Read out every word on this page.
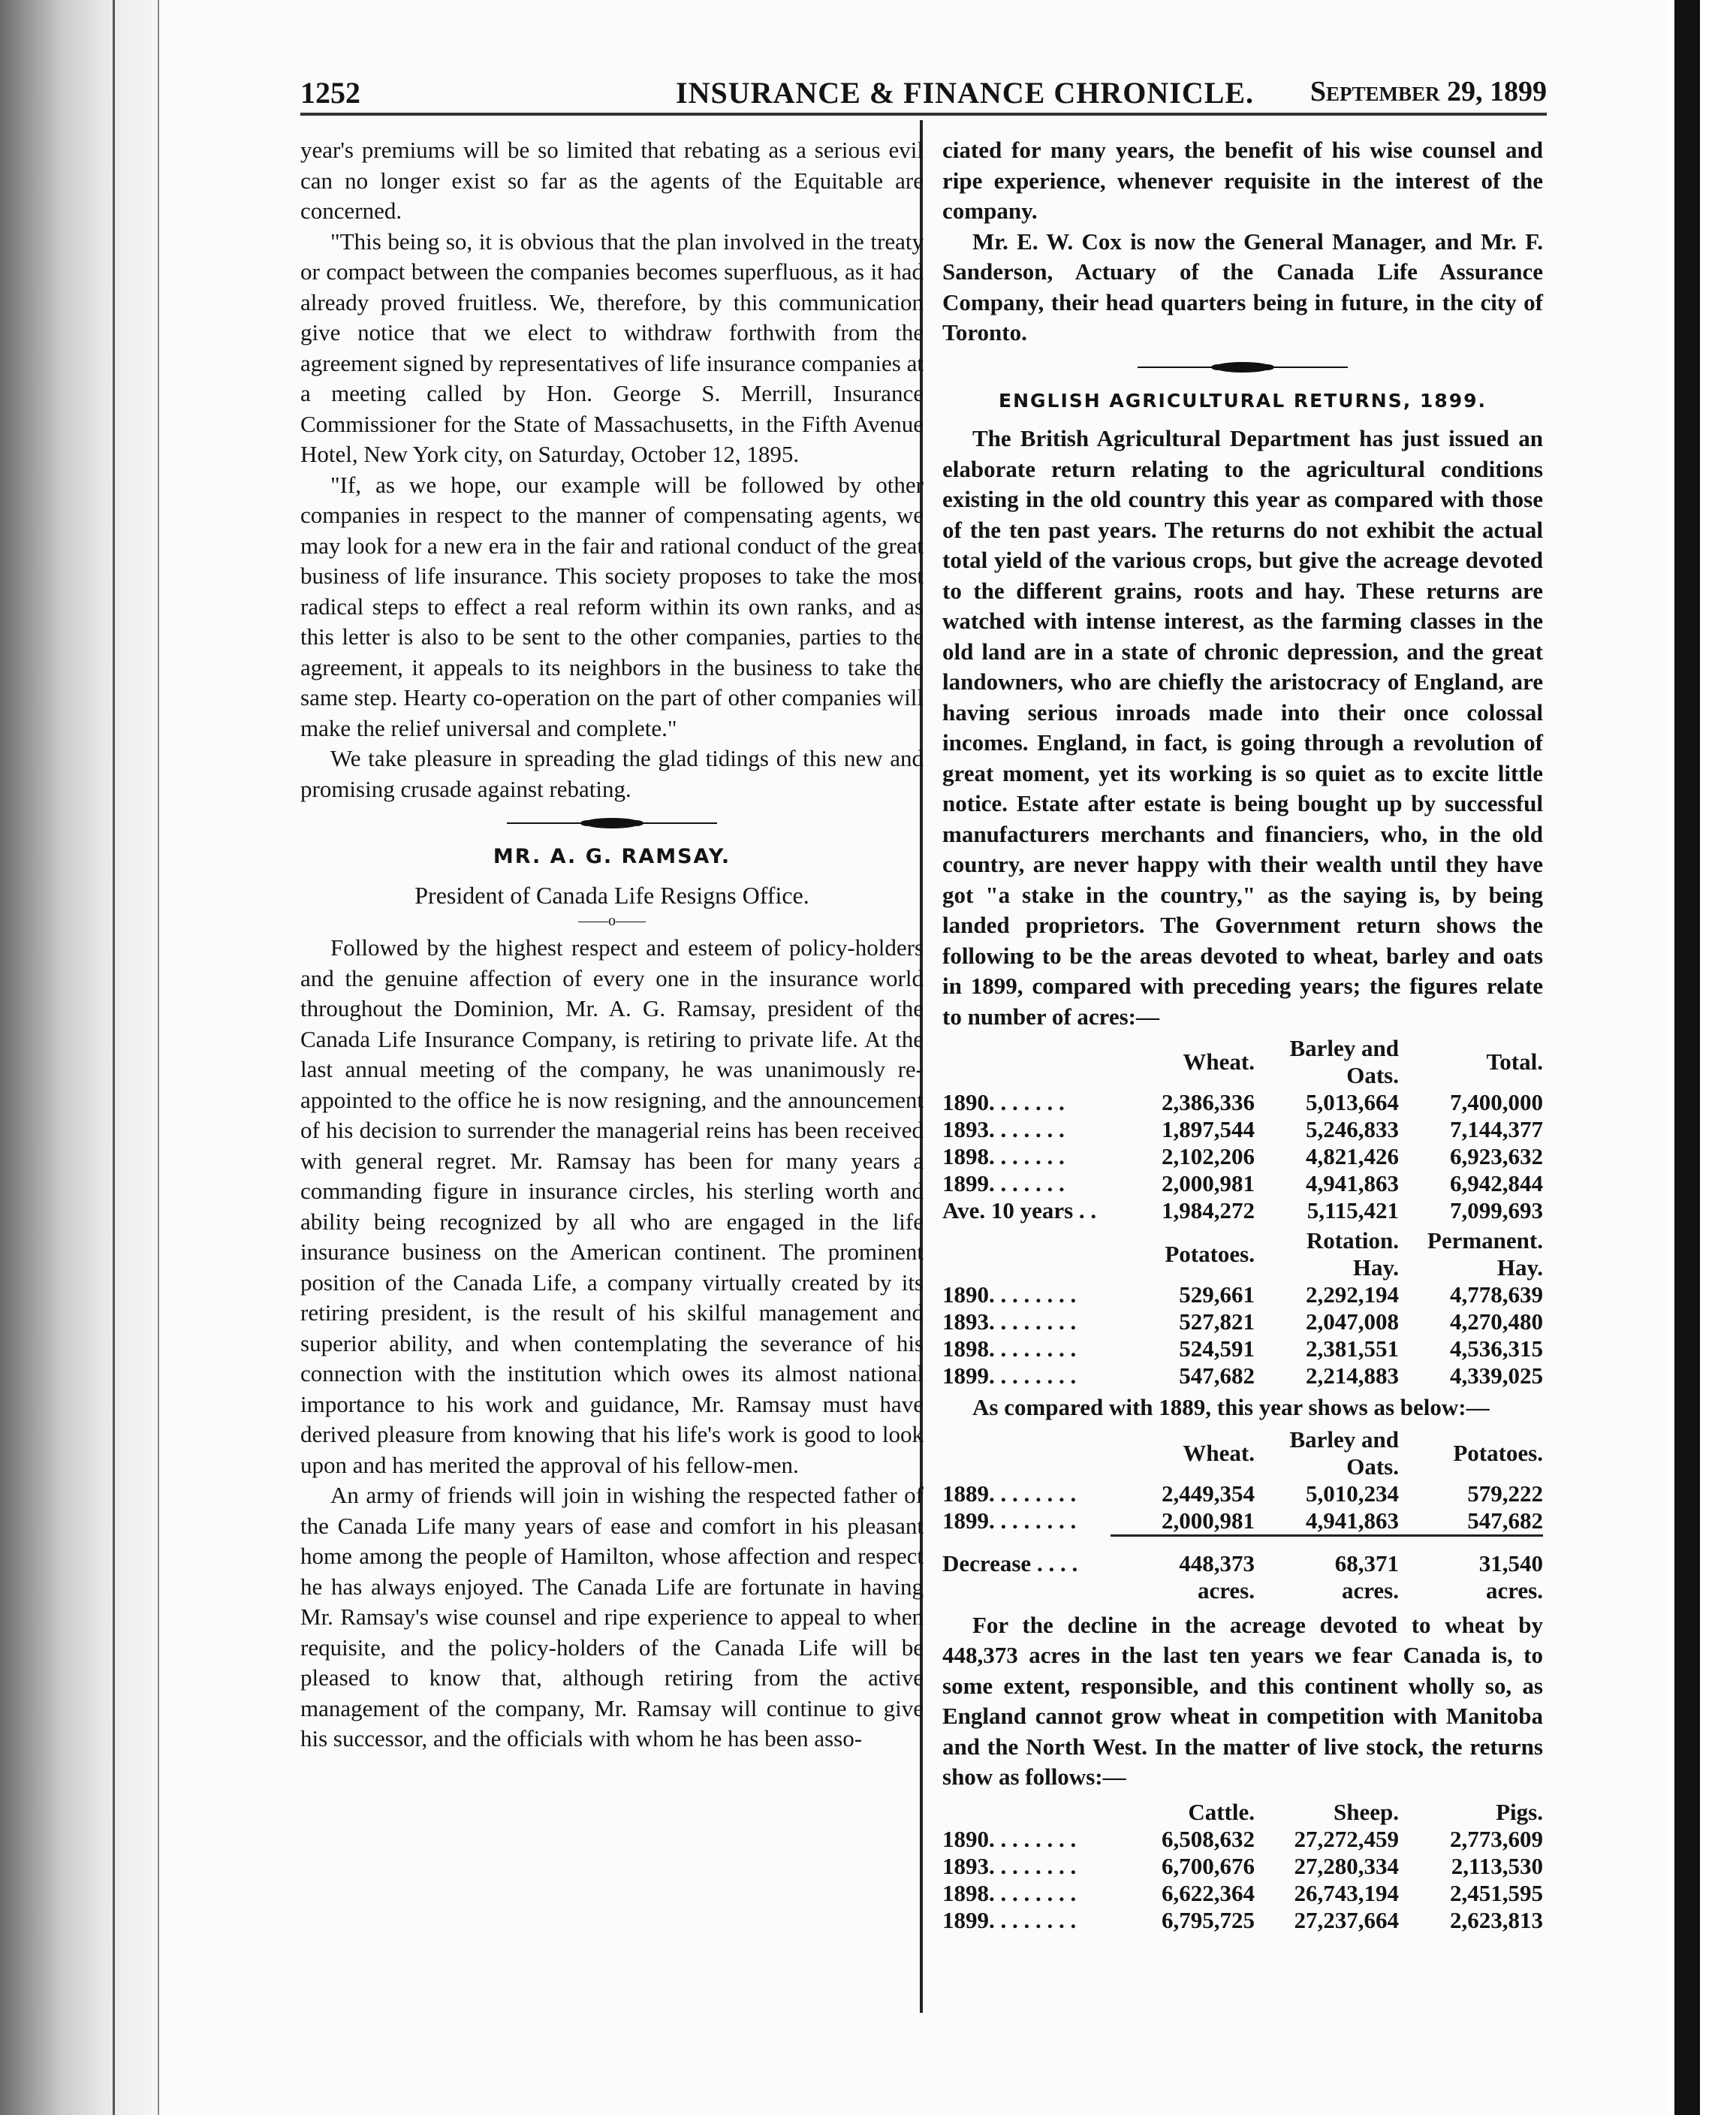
1252	INSURANCE & FINANCE CHRONICLE. September 29, 1899

year's premiums will be so limited that rebating as a serious evil can no longer exist so far as the agents of the Equitable are concerned.

"This being so, it is obvious that the plan involved in the treaty or compact between the companies becomes superfluous, as it had already proved fruitless. We, therefore, by this communication give notice that we elect to withdraw forthwith from the agreement signed by representatives of life insurance companies at a meeting called by Hon. George S. Merrill, Insurance Commissioner for the State of Massachusetts, in the Fifth Avenue Hotel, New York city, on Saturday, October 12, 1895.

"If, as we hope, our example will be followed by other companies in respect to the manner of compensating agents, we may look for a new era in the fair and rational conduct of the great business of life insurance. This society proposes to take the most radical steps to effect a real reform within its own ranks, and as this letter is also to be sent to the other companies, parties to the agreement, it appeals to its neighbors in the business to take the same step. Hearty co-operation on the part of other companies will make the relief universal and complete."

We take pleasure in spreading the glad tidings of this new and promising crusade against rebating.

MR. A. G. RAMSAY.
President of Canada Life Resigns Office.
——o——

Followed by the highest respect and esteem of policy-holders and the genuine affection of every one in the insurance world throughout the Dominion, Mr. A. G. Ramsay, president of the Canada Life Insurance Company, is retiring to private life. At the last annual meeting of the company, he was unanimously re-appointed to the office he is now resigning, and the announcement of his decision to surrender the managerial reins has been received with general regret. Mr. Ramsay has been for many years a commanding figure in insurance circles, his sterling worth and ability being recognized by all who are engaged in the life insurance business on the American continent. The prominent position of the Canada Life, a company virtually created by its retiring president, is the result of his skilful management and superior ability, and when contemplating the severance of his connection with the institution which owes its almost national importance to his work and guidance, Mr. Ramsay must have derived pleasure from knowing that his life's work is good to look upon and has merited the approval of his fellow-men.

An army of friends will join in wishing the respected father of the Canada Life many years of ease and comfort in his pleasant home among the people of Hamilton, whose affection and respect he has always enjoyed. The Canada Life are fortunate in having Mr. Ramsay's wise counsel and ripe experience to appeal to when requisite, and the policy-holders of the Canada Life will be pleased to know that, although retiring from the active management of the company, Mr. Ramsay will continue to give his successor, and the officials with whom he has been asso-

ciated for many years, the benefit of his wise counsel and ripe experience, whenever requisite in the interest of the company.

Mr. E. W. Cox is now the General Manager, and Mr. F. Sanderson, Actuary of the Canada Life Assurance Company, their head quarters being in future, in the city of Toronto.

ENGLISH AGRICULTURAL RETURNS, 1899.

The British Agricultural Department has just issued an elaborate return relating to the agricultural conditions existing in the old country this year as compared with those of the ten past years. The returns do not exhibit the actual total yield of the various crops, but give the acreage devoted to the different grains, roots and hay. These returns are watched with intense interest, as the farming classes in the old land are in a state of chronic depression, and the great landowners, who are chiefly the aristocracy of England, are having serious inroads made into their once colossal incomes. England, in fact, is going through a revolution of great moment, yet its working is so quiet as to excite little notice. Estate after estate is being bought up by successful manufacturers merchants and financiers, who, in the old country, are never happy with their wealth until they have got "a stake in the country," as the saying is, by being landed proprietors. The Government return shows the following to be the areas devoted to wheat, barley and oats in 1899, compared with preceding years; the figures relate to number of acres:—

	Wheat.	Barley and Oats.	Total.
1890. . . . . . .	2,386,336	5,013,664	7,400,000
1893. . . . . . .	1,897,544	5,246,833	7,144,377
1898. . . . . . .	2,102,206	4,821,426	6,923,632
1899. . . . . . .	2,000,981	4,941,863	6,942,844
Ave. 10 years . .	1,984,272	5,115,421	7,099,693
	Potatoes.	Rotation. Hay.	Permanent. Hay.
1890. . . . . . . .	529,661	2,292,194	4,778,639
1893. . . . . . . .	527,821	2,047,008	4,270,480
1898. . . . . . . .	524,591	2,381,551	4,536,315
1899. . . . . . . .	547,682	2,214,883	4,339,025

As compared with 1889, this year shows as below:—

	Wheat.	Barley and Oats.	Potatoes.
1889. . . . . . . .	2,449,354	5,010,234	579,222
1899. . . . . . . .	2,000,981	4,941,863	547,682

Decrease . . . .	448,373	68,371	31,540
	acres.	acres.	acres.

For the decline in the acreage devoted to wheat by 448,373 acres in the last ten years we fear Canada is, to some extent, responsible, and this continent wholly so, as England cannot grow wheat in competition with Manitoba and the North West. In the matter of live stock, the returns show as follows:—

	Cattle.	Sheep.	Pigs.
1890. . . . . . . .	6,508,632	27,272,459	2,773,609
1893. . . . . . . .	6,700,676	27,280,334	2,113,530
1898. . . . . . . .	6,622,364	26,743,194	2,451,595
1899. . . . . . . .	6,795,725	27,237,664	2,623,813
